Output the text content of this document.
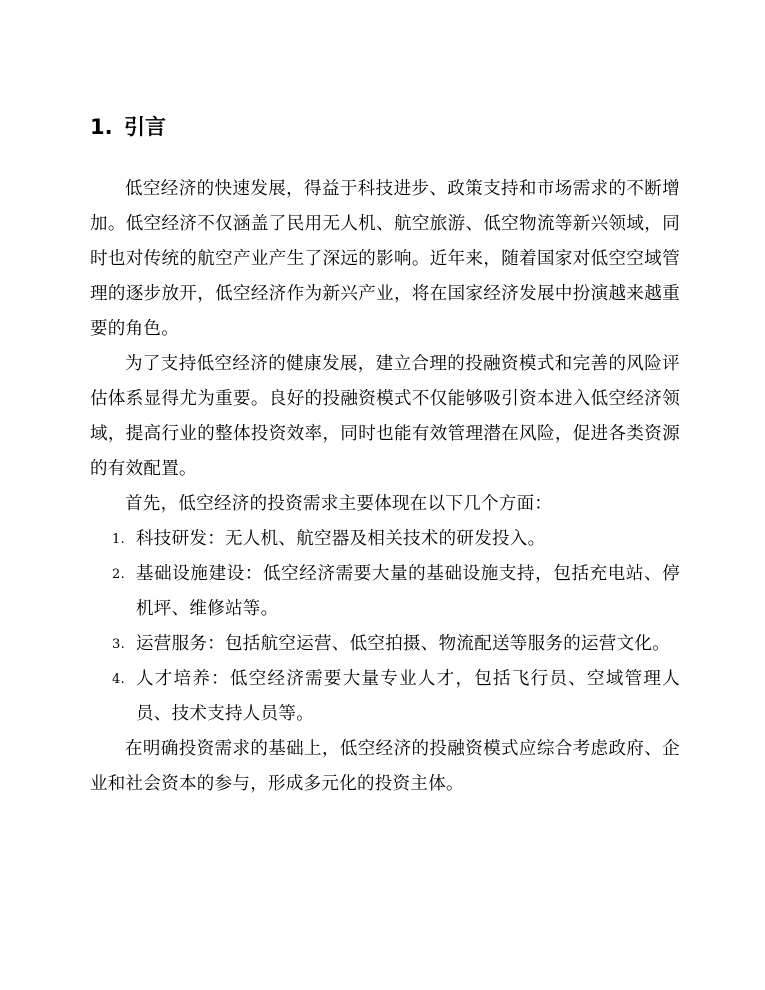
1. 引言

低空经济的快速发展，得益于科技进步、政策支持和市场需求的不断增加。低空经济不仅涵盖了民用无人机、航空旅游、低空物流等新兴领域，同时也对传统的航空产业产生了深远的影响。近年来，随着国家对低空空域管理的逐步放开，低空经济作为新兴产业，将在国家经济发展中扮演越来越重要的角色。

为了支持低空经济的健康发展，建立合理的投融资模式和完善的风险评估体系显得尤为重要。良好的投融资模式不仅能够吸引资本进入低空经济领域，提高行业的整体投资效率，同时也能有效管理潜在风险，促进各类资源的有效配置。

首先，低空经济的投资需求主要体现在以下几个方面：

1. 科技研发：无人机、航空器及相关技术的研发投入。
2. 基础设施建设：低空经济需要大量的基础设施支持，包括充电站、停机坪、维修站等。
3. 运营服务：包括航空运营、低空拍摄、物流配送等服务的运营文化。
4. 人才培养：低空经济需要大量专业人才，包括飞行员、空域管理人员、技术支持人员等。

在明确投资需求的基础上，低空经济的投融资模式应综合考虑政府、企业和社会资本的参与，形成多元化的投资主体。
